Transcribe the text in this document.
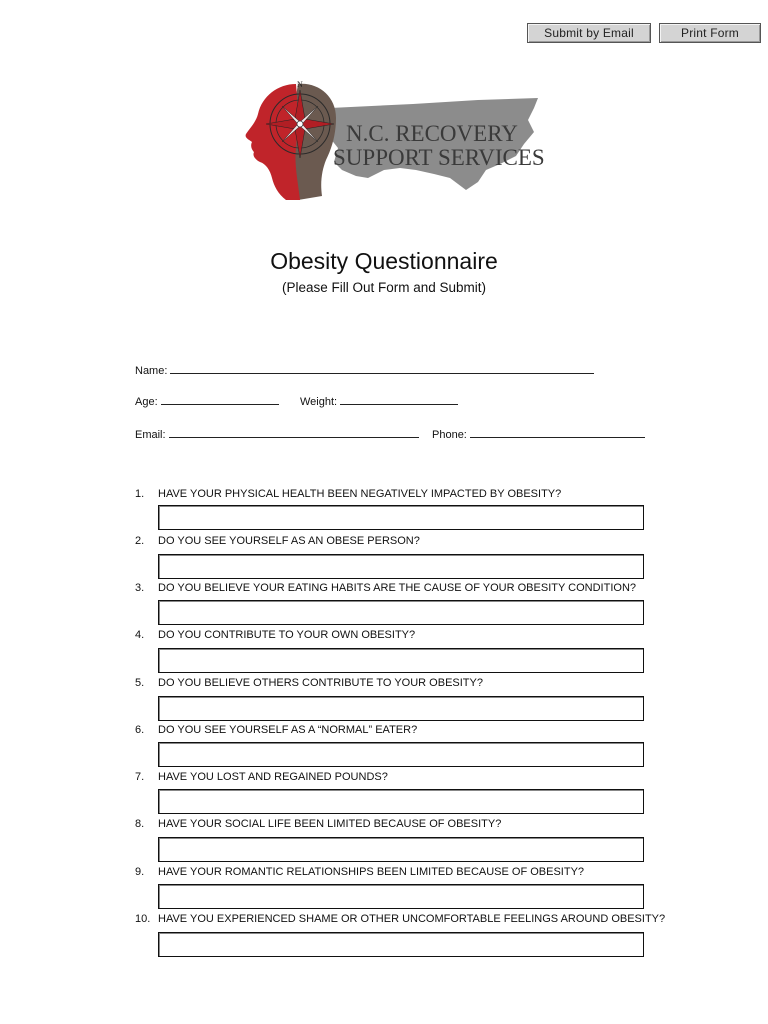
Submit by Email	Print Form
N
N.C. RECOVERY
SUPPORT SERVICES
Obesity Questionnaire
(Please Fill Out Form and Submit)
Name:
Age:	Weight:
Email:	Phone:
1. HAVE YOUR PHYSICAL HEALTH BEEN NEGATIVELY IMPACTED BY OBESITY?
2. DO YOU SEE YOURSELF AS AN OBESE PERSON?
3. DO YOU BELIEVE YOUR EATING HABITS ARE THE CAUSE OF YOUR OBESITY CONDITION?
4. DO YOU CONTRIBUTE TO YOUR OWN OBESITY?
5. DO YOU BELIEVE OTHERS CONTRIBUTE TO YOUR OBESITY?
6. DO YOU SEE YOURSELF AS A “NORMAL” EATER?
7. HAVE YOU LOST AND REGAINED POUNDS?
8. HAVE YOUR SOCIAL LIFE BEEN LIMITED BECAUSE OF OBESITY?
9. HAVE YOUR ROMANTIC RELATIONSHIPS BEEN LIMITED BECAUSE OF OBESITY?
10. HAVE YOU EXPERIENCED SHAME OR OTHER UNCOMFORTABLE FEELINGS AROUND OBESITY?
